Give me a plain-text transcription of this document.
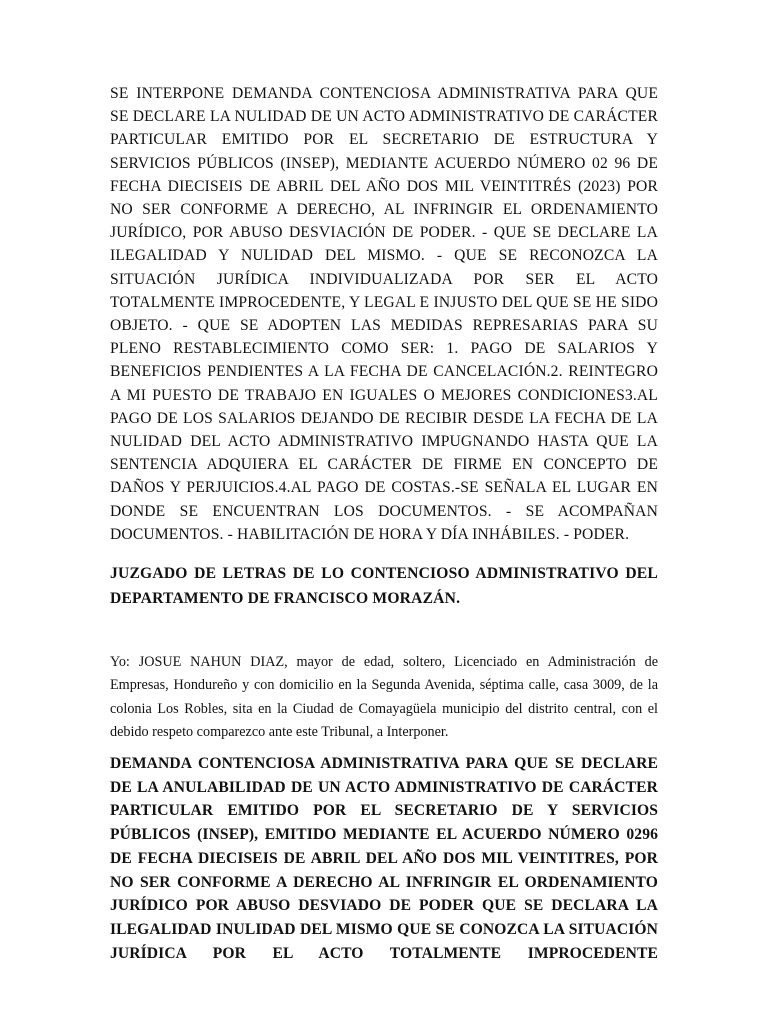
SE INTERPONE DEMANDA CONTENCIOSA ADMINISTRATIVA PARA QUE SE DECLARE LA NULIDAD DE UN ACTO ADMINISTRATIVO DE CARÁCTER PARTICULAR EMITIDO POR EL SECRETARIO DE ESTRUCTURA Y SERVICIOS PÚBLICOS (INSEP), MEDIANTE ACUERDO NÚMERO 02 96 DE FECHA DIECISEIS DE ABRIL DEL AÑO DOS MIL VEINTITRÉS (2023) POR NO SER CONFORME A DERECHO, AL INFRINGIR EL ORDENAMIENTO JURÍDICO, POR ABUSO DESVIACIÓN DE PODER. - QUE SE DECLARE LA ILEGALIDAD Y NULIDAD DEL MISMO. - QUE SE RECONOZCA LA SITUACIÓN JURÍDICA INDIVIDUALIZADA POR SER EL ACTO TOTALMENTE IMPROCEDENTE, Y LEGAL E INJUSTO DEL QUE SE HE SIDO OBJETO. - QUE SE ADOPTEN LAS MEDIDAS REPRESARIAS PARA SU PLENO RESTABLECIMIENTO COMO SER: 1. PAGO DE SALARIOS Y BENEFICIOS PENDIENTES A LA FECHA DE CANCELACIÓN.2. REINTEGRO A MI PUESTO DE TRABAJO EN IGUALES O MEJORES CONDICIONES3.AL PAGO DE LOS SALARIOS DEJANDO DE RECIBIR DESDE LA FECHA DE LA NULIDAD DEL ACTO ADMINISTRATIVO IMPUGNANDO HASTA QUE LA SENTENCIA ADQUIERA EL CARÁCTER DE FIRME EN CONCEPTO DE DAÑOS Y PERJUICIOS.4.AL PAGO DE COSTAS.-SE SEÑALA EL LUGAR EN DONDE SE ENCUENTRAN LOS DOCUMENTOS. - SE ACOMPAÑAN DOCUMENTOS. - HABILITACIÓN DE HORA Y DÍA INHÁBILES. - PODER.

JUZGADO DE LETRAS DE LO CONTENCIOSO ADMINISTRATIVO DEL DEPARTAMENTO DE FRANCISCO MORAZÁN.

Yo: JOSUE NAHUN DIAZ, mayor de edad, soltero, Licenciado en Administración de Empresas, Hondureño y con domicilio en la Segunda Avenida, séptima calle, casa 3009, de la colonia Los Robles, sita en la Ciudad de Comayagüela municipio del distrito central, con el debido respeto comparezco ante este Tribunal, a Interponer.

DEMANDA CONTENCIOSA ADMINISTRATIVA PARA QUE SE DECLARE DE LA ANULABILIDAD DE UN ACTO ADMINISTRATIVO DE CARÁCTER PARTICULAR EMITIDO POR EL SECRETARIO DE Y SERVICIOS PÚBLICOS (INSEP), EMITIDO MEDIANTE EL ACUERDO NÚMERO 0296 DE FECHA DIECISEIS DE ABRIL DEL AÑO DOS MIL VEINTITRES, POR NO SER CONFORME A DERECHO AL INFRINGIR EL ORDENAMIENTO JURÍDICO POR ABUSO DESVIADO DE PODER QUE SE DECLARA LA ILEGALIDAD INULIDAD DEL MISMO QUE SE CONOZCA LA SITUACIÓN JURÍDICA POR EL ACTO TOTALMENTE IMPROCEDENTE
